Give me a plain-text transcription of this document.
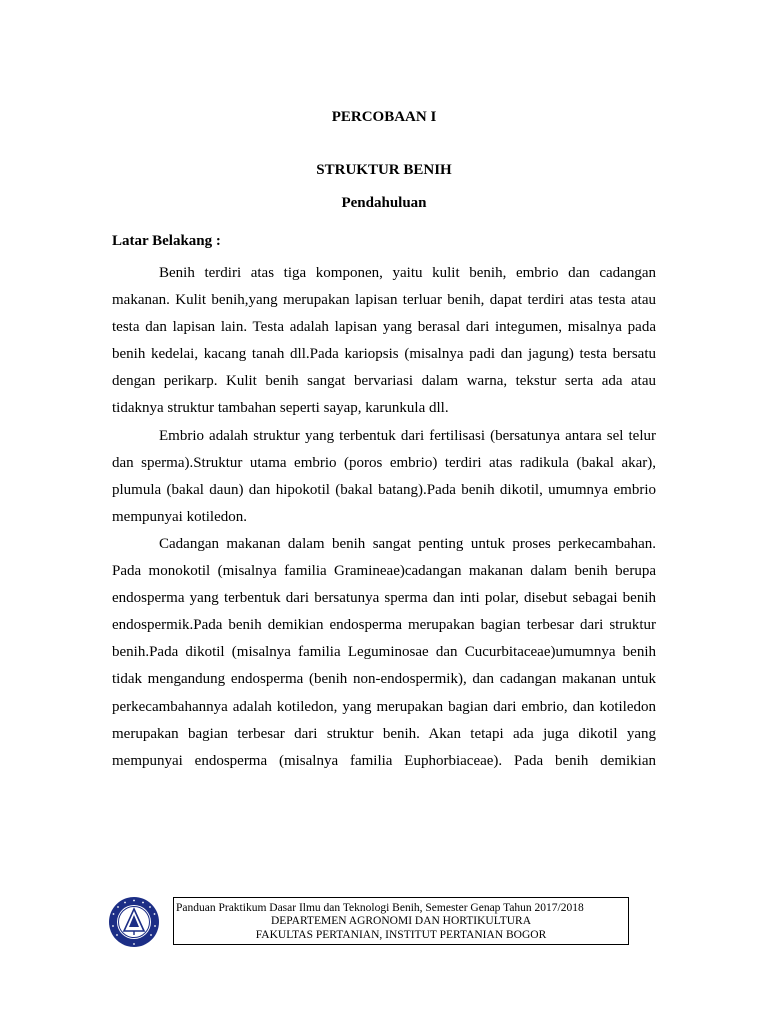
PERCOBAAN I
STRUKTUR BENIH
Pendahuluan
Latar Belakang :

Benih terdiri atas tiga komponen, yaitu kulit benih, embrio dan cadangan makanan. Kulit benih,yang merupakan lapisan terluar benih, dapat terdiri atas testa atau testa dan lapisan lain. Testa adalah lapisan yang berasal dari integumen, misalnya pada benih kedelai, kacang tanah dll.Pada kariopsis (misalnya padi dan jagung) testa bersatu dengan perikarp. Kulit benih sangat bervariasi dalam warna, tekstur serta ada atau tidaknya struktur tambahan seperti sayap, karunkula dll.

Embrio adalah struktur yang terbentuk dari fertilisasi (bersatunya antara sel telur dan sperma).Struktur utama embrio (poros embrio) terdiri atas radikula (bakal akar), plumula (bakal daun) dan hipokotil (bakal batang).Pada benih dikotil, umumnya embrio mempunyai kotiledon.

Cadangan makanan dalam benih sangat penting untuk proses perkecambahan. Pada monokotil (misalnya familia Gramineae)cadangan makanan dalam benih berupa endosperma yang terbentuk dari bersatunya sperma dan inti polar, disebut sebagai benih endospermik.Pada benih demikian endosperma merupakan bagian terbesar dari struktur benih.Pada dikotil (misalnya familia Leguminosae dan Cucurbitaceae)umumnya benih tidak mengandung endosperma (benih non-endospermik), dan cadangan makanan untuk perkecambahannya adalah kotiledon, yang merupakan bagian dari embrio, dan kotiledon merupakan bagian terbesar dari struktur benih. Akan tetapi ada juga dikotil yang mempunyai endosperma (misalnya familia Euphorbiaceae). Pada benih demikian

Panduan Praktikum Dasar Ilmu dan Teknologi Benih, Semester Genap Tahun 2017/2018
DEPARTEMEN AGRONOMI DAN HORTIKULTURA
FAKULTAS PERTANIAN, INSTITUT PERTANIAN BOGOR
